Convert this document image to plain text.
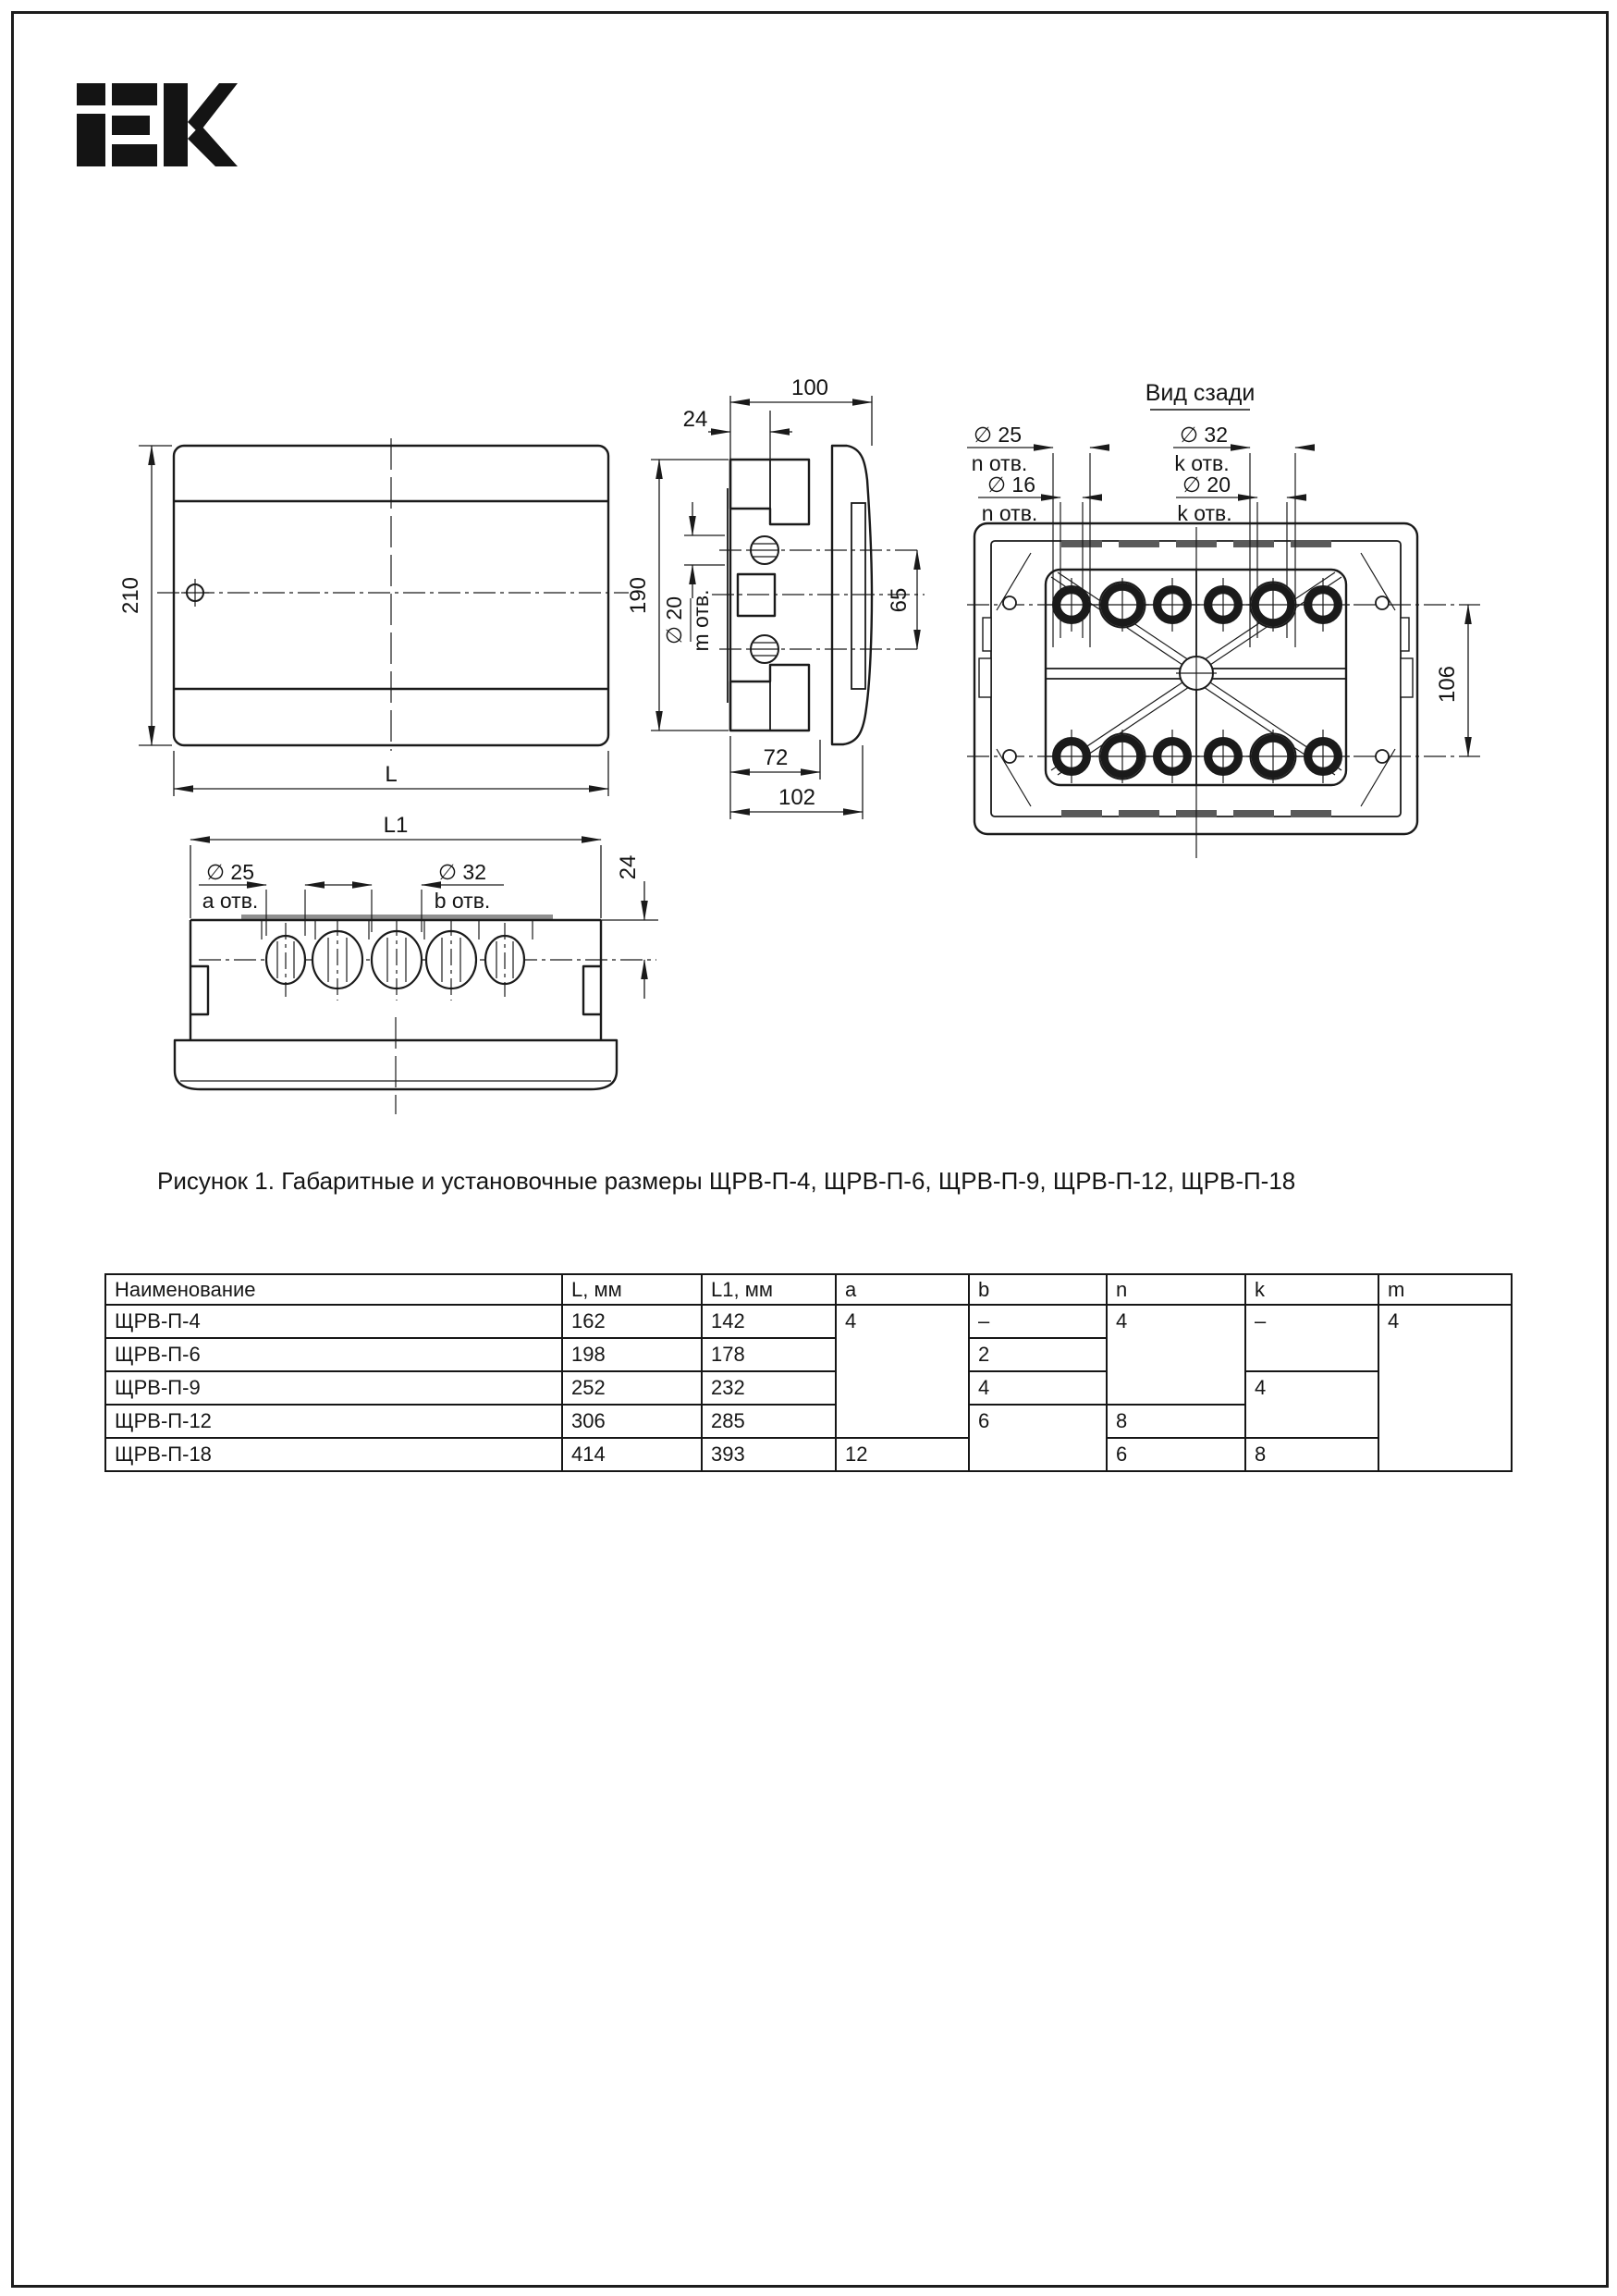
210
L
100
24
190
∅ 20 m отв.	65
72
102
Вид сзади
∅ 25
n отв.
∅ 16
n отв.
∅ 32
k отв.
∅ 20
k отв.
106
L1
∅ 25
a отв.
∅ 32
b отв.
24
Рисунок 1. Габаритные и установочные размеры ЩРВ-П-4, ЩРВ-П-6, ЩРВ-П-9, ЩРВ-П-12, ЩРВ-П-18
Наименование	L, мм	L1, мм	a	b	n	k	m
ЩРВ-П-4	162	142	4	–	4	–	4
ЩРВ-П-6	198	178		2			
ЩРВ-П-9	252	232		4		4	
ЩРВ-П-12	306	285		6	8		
ЩРВ-П-18	414	393	12		6	8	
